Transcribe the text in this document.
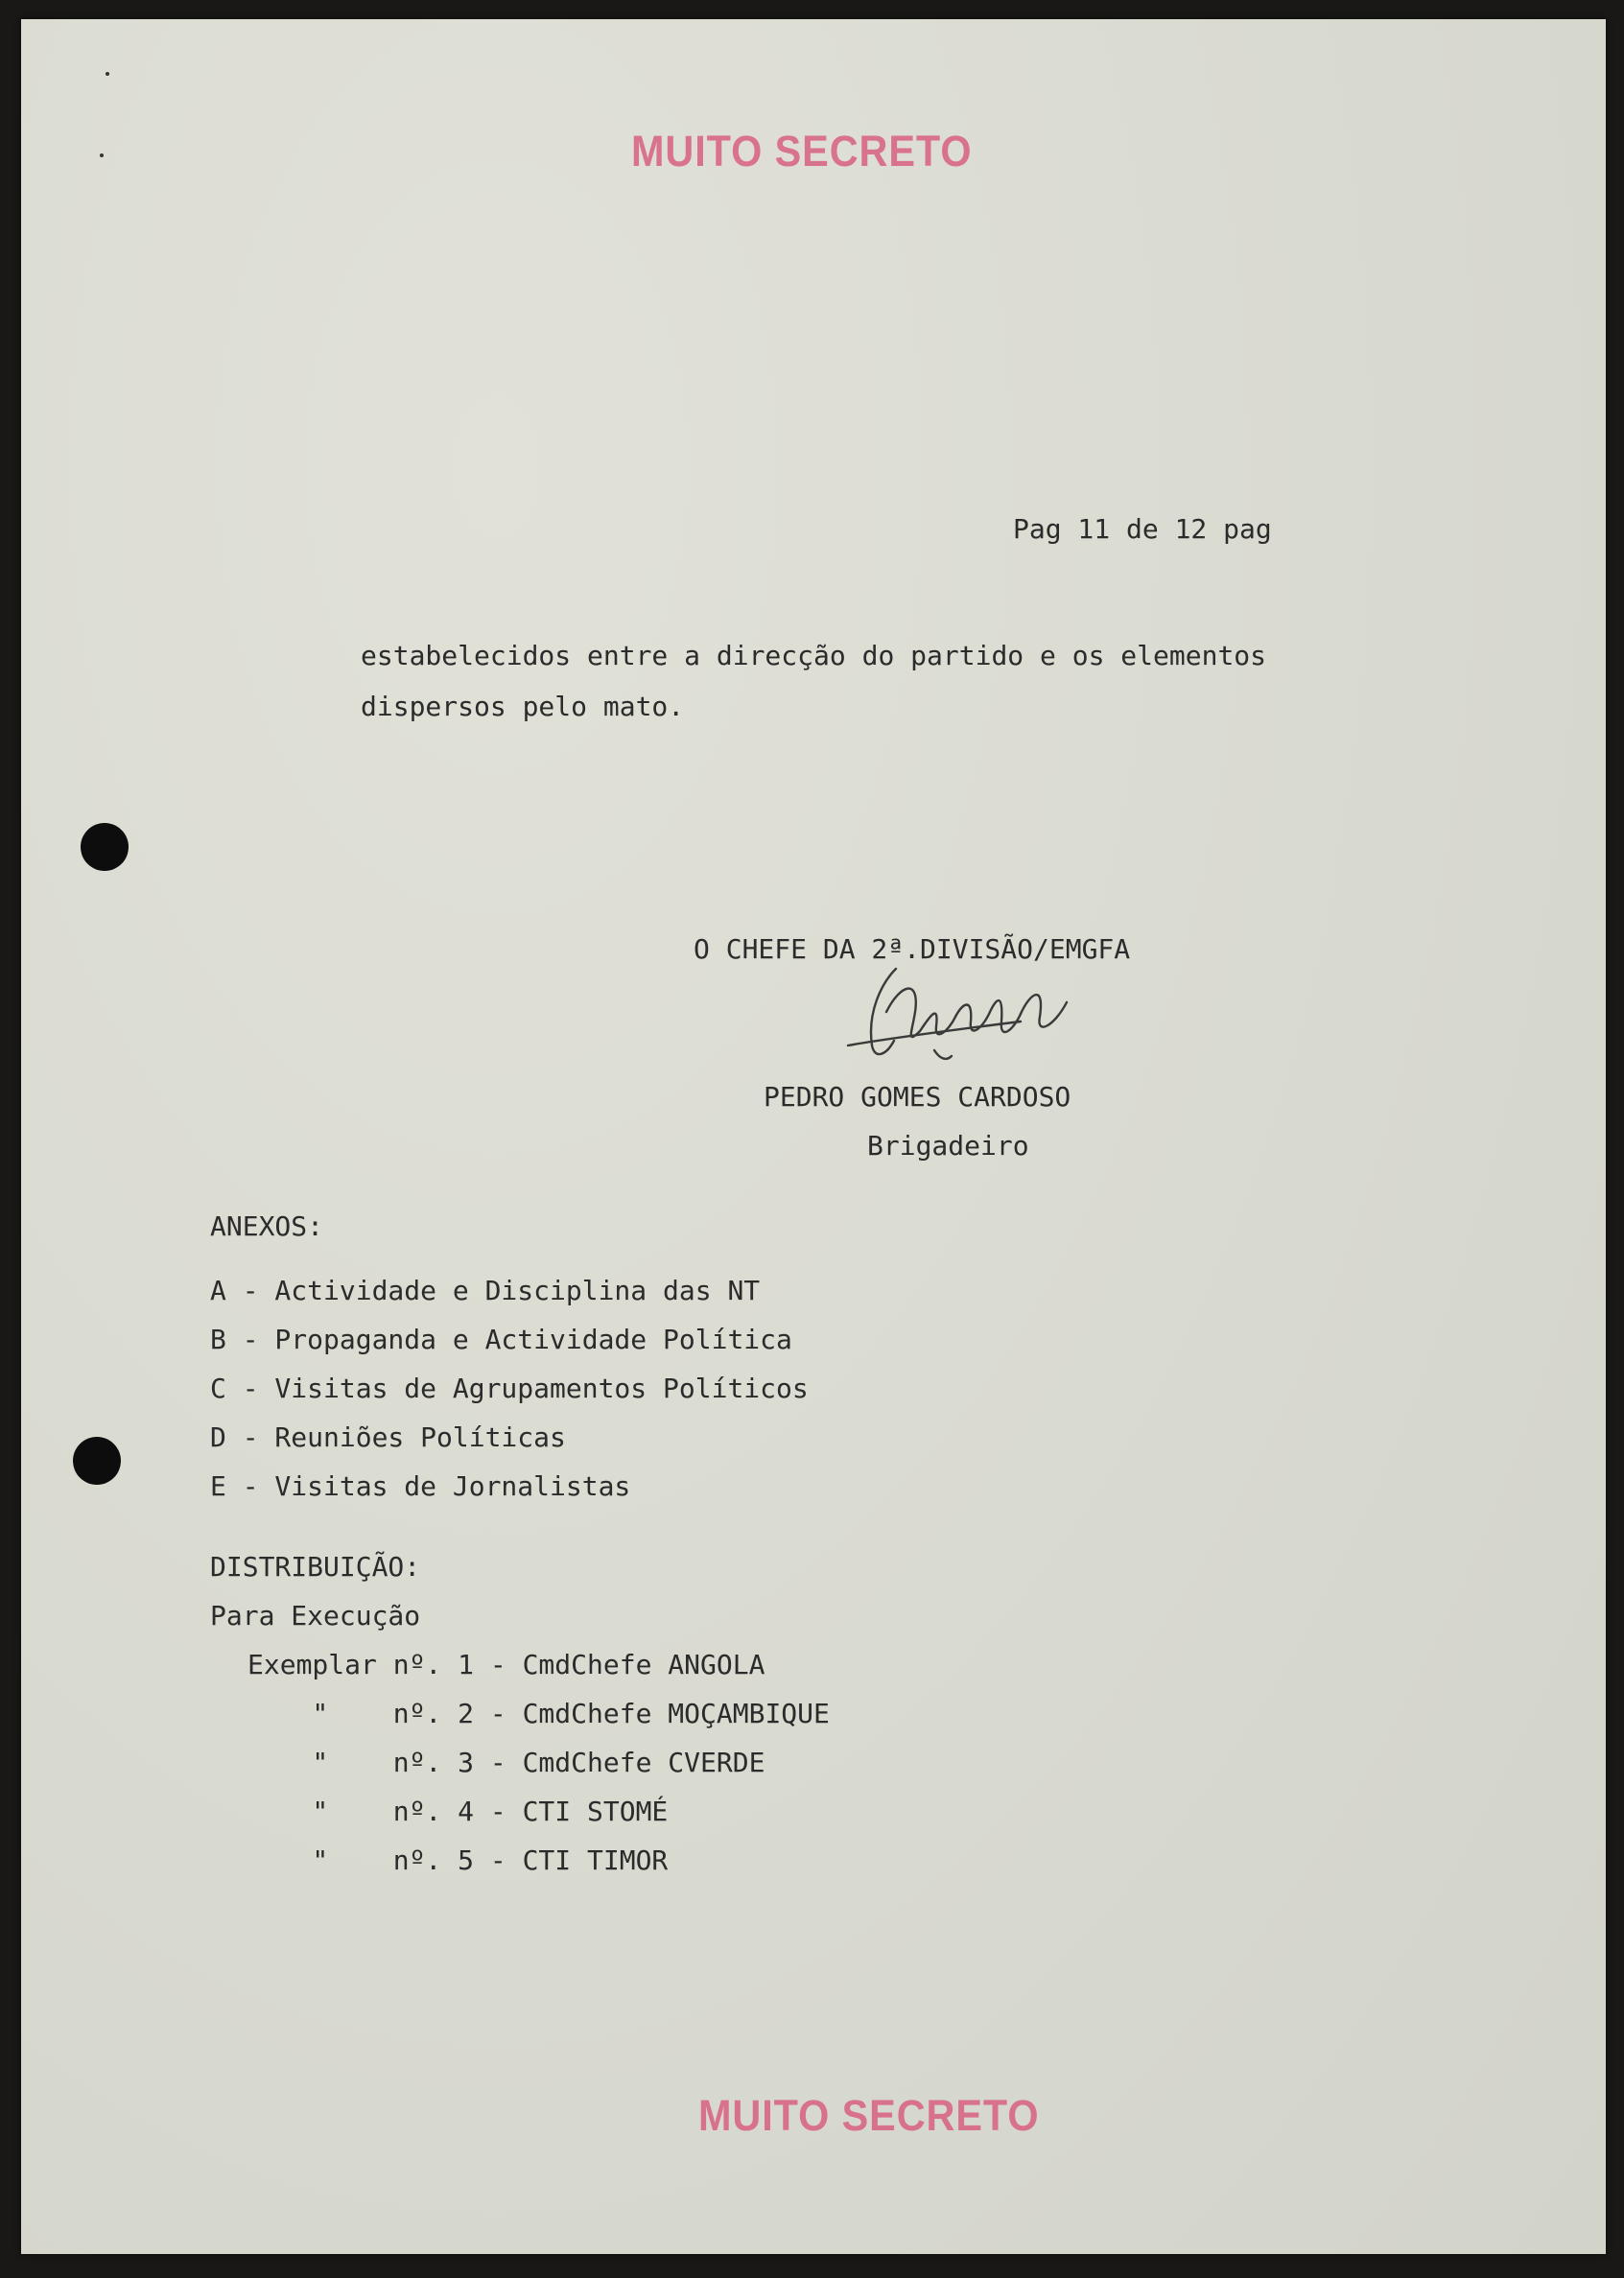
MUITO SECRETO
Pag 11 de 12 pag
estabelecidos entre a direcção do partido e os elementos
dispersos pelo mato.
O CHEFE DA 2ª.DIVISÃO/EMGFA
PEDRO GOMES CARDOSO
Brigadeiro
ANEXOS:
A - Actividade e Disciplina das NT
B - Propaganda e Actividade Política
C - Visitas de Agrupamentos Políticos
D - Reuniões Políticas
E - Visitas de Jornalistas
DISTRIBUIÇÃO:
Para Execução
Exemplar nº. 1 - CmdChefe ANGOLA
"    nº. 2 - CmdChefe MOÇAMBIQUE
"    nº. 3 - CmdChefe CVERDE
"    nº. 4 - CTI STOMÉ
"    nº. 5 - CTI TIMOR
MUITO SECRETO
